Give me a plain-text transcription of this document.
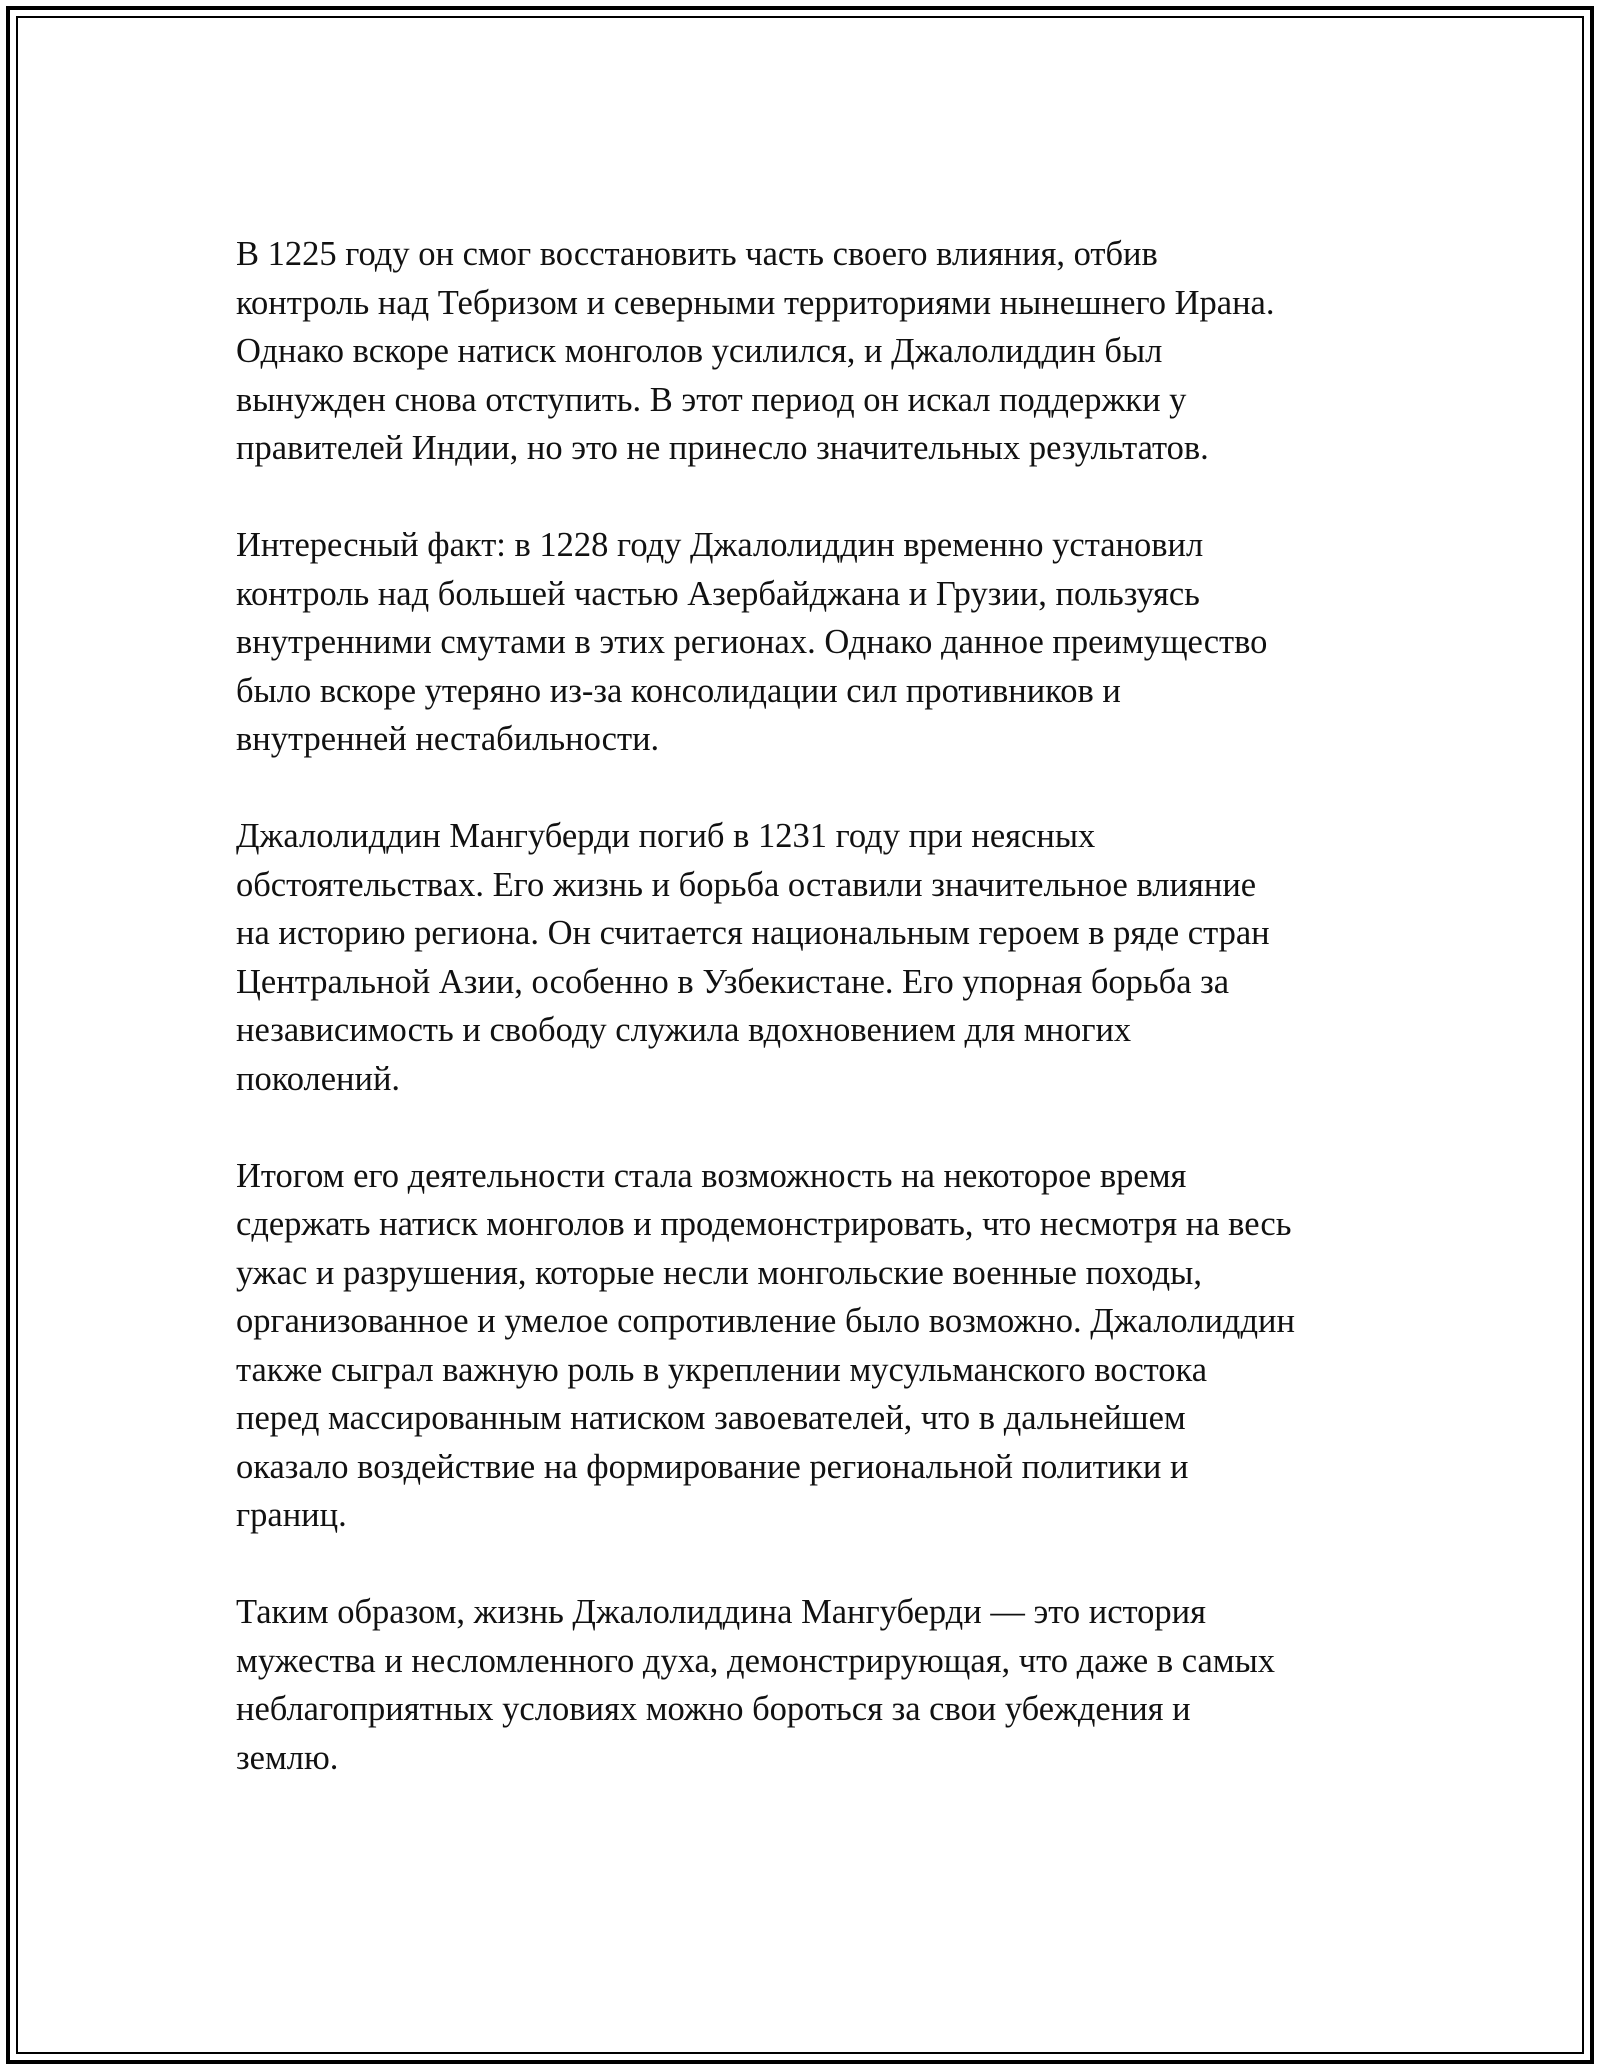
В 1225 году он смог восстановить часть своего влияния, отбив
контроль над Тебризом и северными территориями нынешнего Ирана.
Однако вскоре натиск монголов усилился, и Джалолиддин был
вынужден снова отступить. В этот период он искал поддержки у
правителей Индии, но это не принесло значительных результатов.

Интересный факт: в 1228 году Джалолиддин временно установил
контроль над большей частью Азербайджана и Грузии, пользуясь
внутренними смутами в этих регионах. Однако данное преимущество
было вскоре утеряно из-за консолидации сил противников и
внутренней нестабильности.

Джалолиддин Мангуберди погиб в 1231 году при неясных
обстоятельствах. Его жизнь и борьба оставили значительное влияние
на историю региона. Он считается национальным героем в ряде стран
Центральной Азии, особенно в Узбекистане. Его упорная борьба за
независимость и свободу служила вдохновением для многих
поколений.

Итогом его деятельности стала возможность на некоторое время
сдержать натиск монголов и продемонстрировать, что несмотря на весь
ужас и разрушения, которые несли монгольские военные походы,
организованное и умелое сопротивление было возможно. Джалолиддин
также сыграл важную роль в укреплении мусульманского востока
перед массированным натиском завоевателей, что в дальнейшем
оказало воздействие на формирование региональной политики и
границ.

Таким образом, жизнь Джалолиддина Мангуберди — это история
мужества и несломленного духа, демонстрирующая, что даже в самых
неблагоприятных условиях можно бороться за свои убеждения и
землю.
